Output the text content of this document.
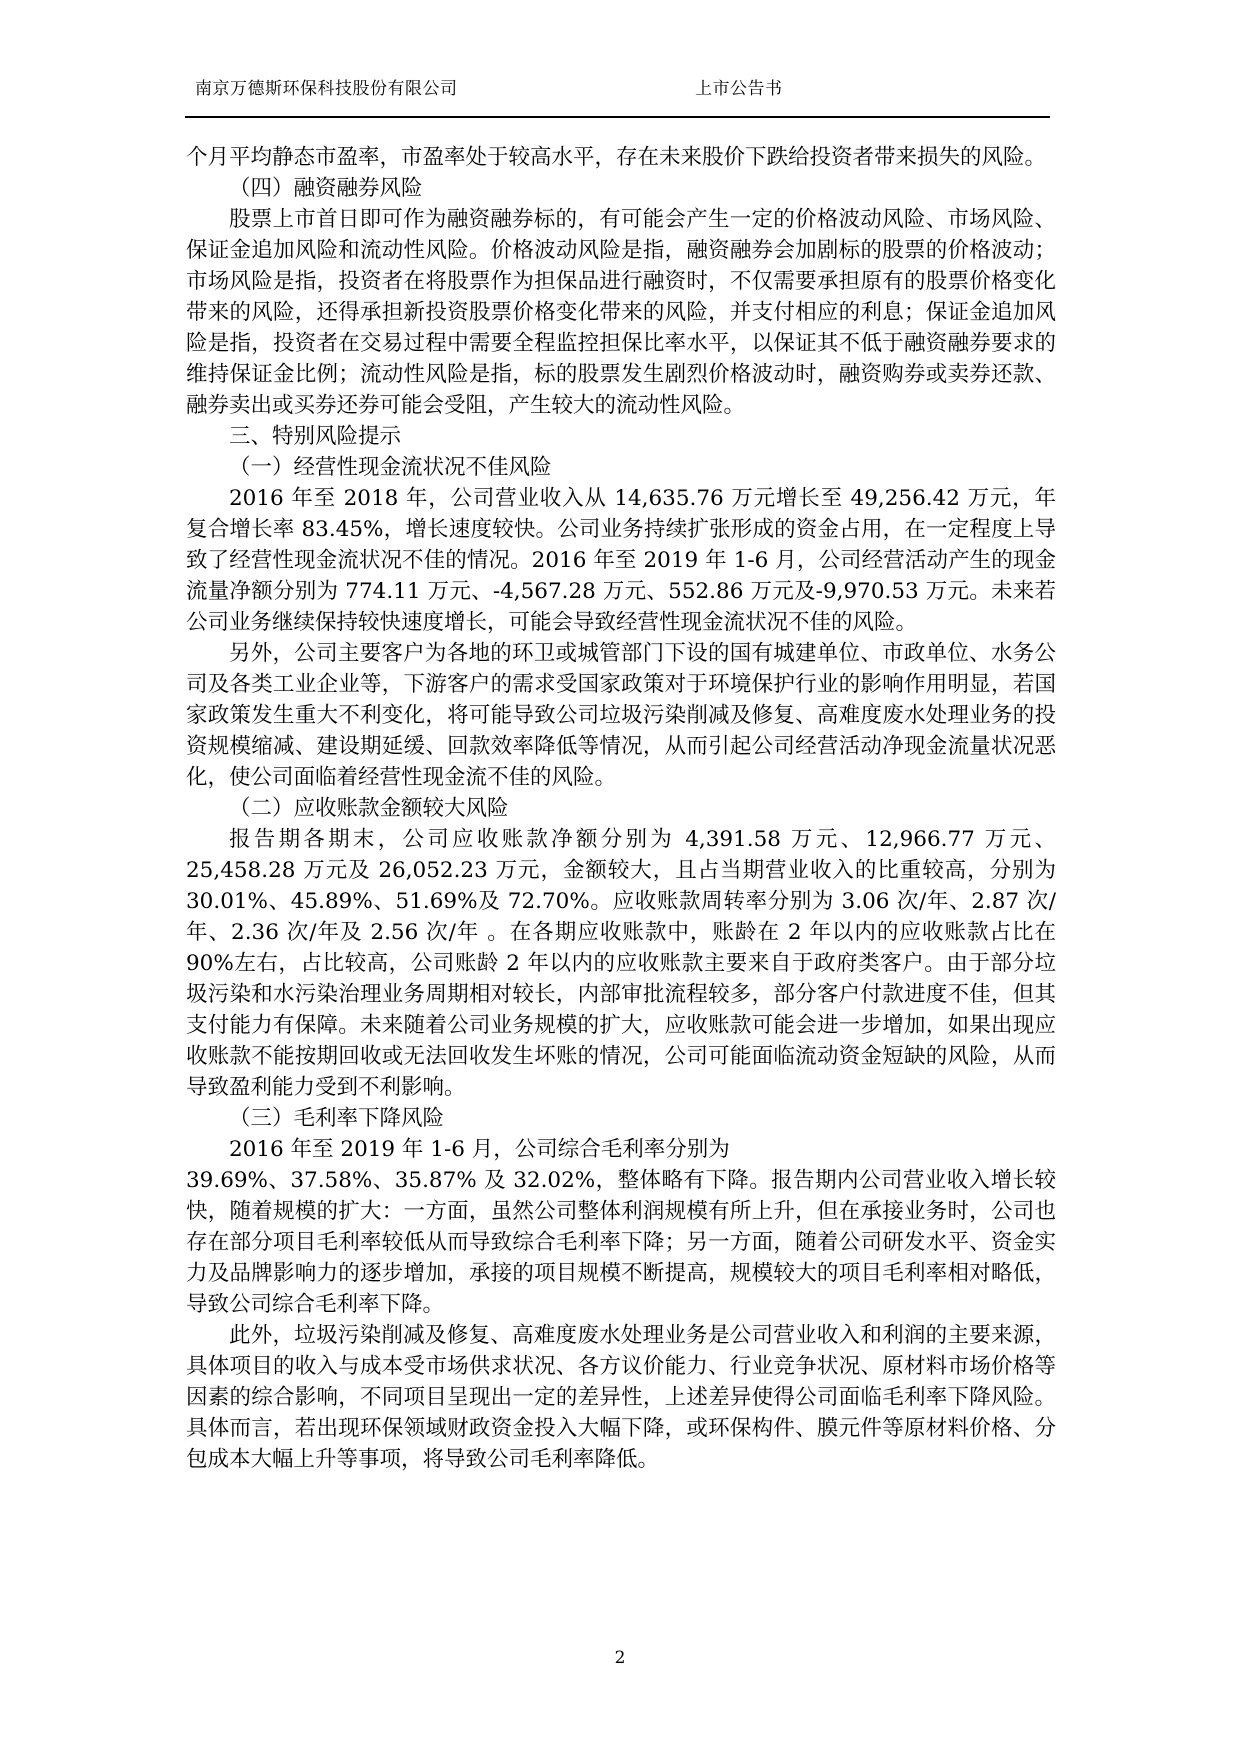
南京万德斯环保科技股份有限公司	上市公告书

个月平均静态市盈率，市盈率处于较高水平，存在未来股价下跌给投资者带来损失的风险。

（四）融资融券风险

股票上市首日即可作为融资融券标的，有可能会产生一定的价格波动风险、市场风险、保证金追加风险和流动性风险。价格波动风险是指，融资融券会加剧标的股票的价格波动；市场风险是指，投资者在将股票作为担保品进行融资时，不仅需要承担原有的股票价格变化带来的风险，还得承担新投资股票价格变化带来的风险，并支付相应的利息；保证金追加风险是指，投资者在交易过程中需要全程监控担保比率水平，以保证其不低于融资融券要求的维持保证金比例；流动性风险是指，标的股票发生剧烈价格波动时，融资购券或卖券还款、融券卖出或买券还券可能会受阻，产生较大的流动性风险。

三、特别风险提示

（一）经营性现金流状况不佳风险

2016 年至 2018 年，公司营业收入从 14,635.76 万元增长至 49,256.42 万元，年复合增长率 83.45%，增长速度较快。公司业务持续扩张形成的资金占用，在一定程度上导致了经营性现金流状况不佳的情况。2016 年至 2019 年 1-6 月，公司经营活动产生的现金流量净额分别为 774.11 万元、-4,567.28 万元、552.86 万元及-9,970.53 万元。未来若公司业务继续保持较快速度增长，可能会导致经营性现金流状况不佳的风险。

另外，公司主要客户为各地的环卫或城管部门下设的国有城建单位、市政单位、水务公司及各类工业企业等，下游客户的需求受国家政策对于环境保护行业的影响作用明显，若国家政策发生重大不利变化，将可能导致公司垃圾污染削减及修复、高难度废水处理业务的投资规模缩减、建设期延缓、回款效率降低等情况，从而引起公司经营活动净现金流量状况恶化，使公司面临着经营性现金流不佳的风险。

（二）应收账款金额较大风险

报告期各期末，公司应收账款净额分别为 4,391.58 万元、12,966.77 万元、25,458.28 万元及 26,052.23 万元，金额较大，且占当期营业收入的比重较高，分别为 30.01%、45.89%、51.69%及 72.70%。应收账款周转率分别为 3.06 次/年、2.87 次/年、2.36 次/年及 2.56 次/年 。在各期应收账款中，账龄在 2 年以内的应收账款占比在 90%左右，占比较高，公司账龄 2 年以内的应收账款主要来自于政府类客户。由于部分垃圾污染和水污染治理业务周期相对较长，内部审批流程较多，部分客户付款进度不佳，但其支付能力有保障。未来随着公司业务规模的扩大，应收账款可能会进一步增加，如果出现应收账款不能按期回收或无法回收发生坏账的情况，公司可能面临流动资金短缺的风险，从而导致盈利能力受到不利影响。

（三）毛利率下降风险

2016 年至 2019 年 1-6 月，公司综合毛利率分别为

39.69%、37.58%、35.87% 及 32.02%，整体略有下降。报告期内公司营业收入增长较快，随着规模的扩大：一方面，虽然公司整体利润规模有所上升，但在承接业务时，公司也存在部分项目毛利率较低从而导致综合毛利率下降；另一方面，随着公司研发水平、资金实力及品牌影响力的逐步增加，承接的项目规模不断提高，规模较大的项目毛利率相对略低，导致公司综合毛利率下降。

此外，垃圾污染削减及修复、高难度废水处理业务是公司营业收入和利润的主要来源，具体项目的收入与成本受市场供求状况、各方议价能力、行业竞争状况、原材料市场价格等因素的综合影响，不同项目呈现出一定的差异性，上述差异使得公司面临毛利率下降风险。具体而言，若出现环保领域财政资金投入大幅下降，或环保构件、膜元件等原材料价格、分包成本大幅上升等事项，将导致公司毛利率降低。

2
